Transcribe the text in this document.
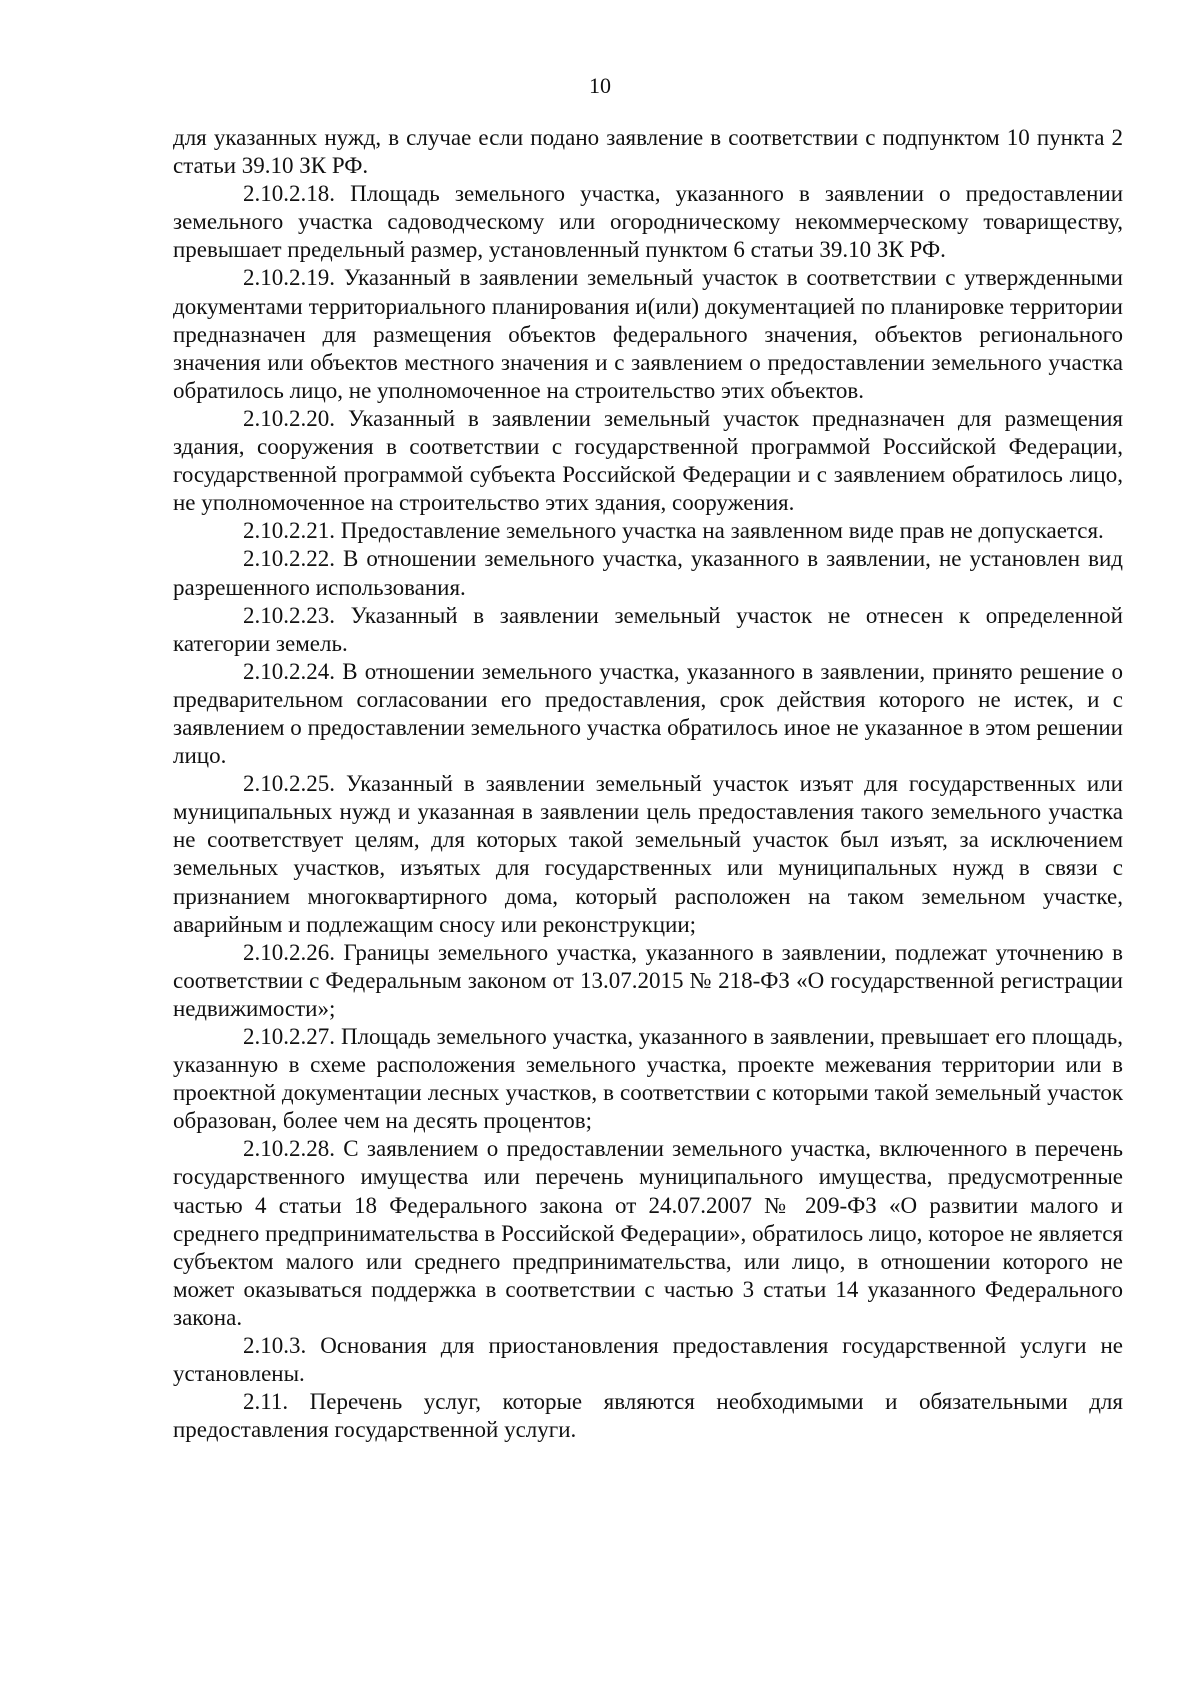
10

для указанных нужд, в случае если подано заявление в соответствии с подпунктом 10 пункта 2 статьи 39.10 ЗК РФ.

2.10.2.18. Площадь земельного участка, указанного в заявлении о предоставлении земельного участка садоводческому или огородническому некоммерческому товариществу, превышает предельный размер, установленный пунктом 6 статьи 39.10 ЗК РФ.

2.10.2.19. Указанный в заявлении земельный участок в соответствии с утвержденными документами территориального планирования и(или) документацией по планировке территории предназначен для размещения объектов федерального значения, объектов регионального значения или объектов местного значения и с заявлением о предоставлении земельного участка обратилось лицо, не уполномоченное на строительство этих объектов.

2.10.2.20. Указанный в заявлении земельный участок предназначен для размещения здания, сооружения в соответствии с государственной программой Российской Федерации, государственной программой субъекта Российской Федерации и с заявлением обратилось лицо, не уполномоченное на строительство этих здания, сооружения.

2.10.2.21. Предоставление земельного участка на заявленном виде прав не допускается.

2.10.2.22. В отношении земельного участка, указанного в заявлении, не установлен вид разрешенного использования.

2.10.2.23. Указанный в заявлении земельный участок не отнесен к определенной категории земель.

2.10.2.24. В отношении земельного участка, указанного в заявлении, принято решение о предварительном согласовании его предоставления, срок действия которого не истек, и с заявлением о предоставлении земельного участка обратилось иное не указанное в этом решении лицо.

2.10.2.25. Указанный в заявлении земельный участок изъят для государственных или муниципальных нужд и указанная в заявлении цель предоставления такого земельного участка не соответствует целям, для которых такой земельный участок был изъят, за исключением земельных участков, изъятых для государственных или муниципальных нужд в связи с признанием многоквартирного дома, который расположен на таком земельном участке, аварийным и подлежащим сносу или реконструкции;

2.10.2.26. Границы земельного участка, указанного в заявлении, подлежат уточнению в соответствии с Федеральным законом от 13.07.2015 № 218-ФЗ «О государственной регистрации недвижимости»;

2.10.2.27. Площадь земельного участка, указанного в заявлении, превышает его площадь, указанную в схеме расположения земельного участка, проекте межевания территории или в проектной документации лесных участков, в соответствии с которыми такой земельный участок образован, более чем на десять процентов;

2.10.2.28. С заявлением о предоставлении земельного участка, включенного в перечень государственного имущества или перечень муниципального имущества, предусмотренные частью 4 статьи 18 Федерального закона от 24.07.2007 № 209-ФЗ «О развитии малого и среднего предпринимательства в Российской Федерации», обратилось лицо, которое не является субъектом малого или среднего предпринимательства, или лицо, в отношении которого не может оказываться поддержка в соответствии с частью 3 статьи 14 указанного Федерального закона.

2.10.3. Основания для приостановления предоставления государственной услуги не установлены.

2.11. Перечень услуг, которые являются необходимыми и обязательными для предоставления государственной услуги.
